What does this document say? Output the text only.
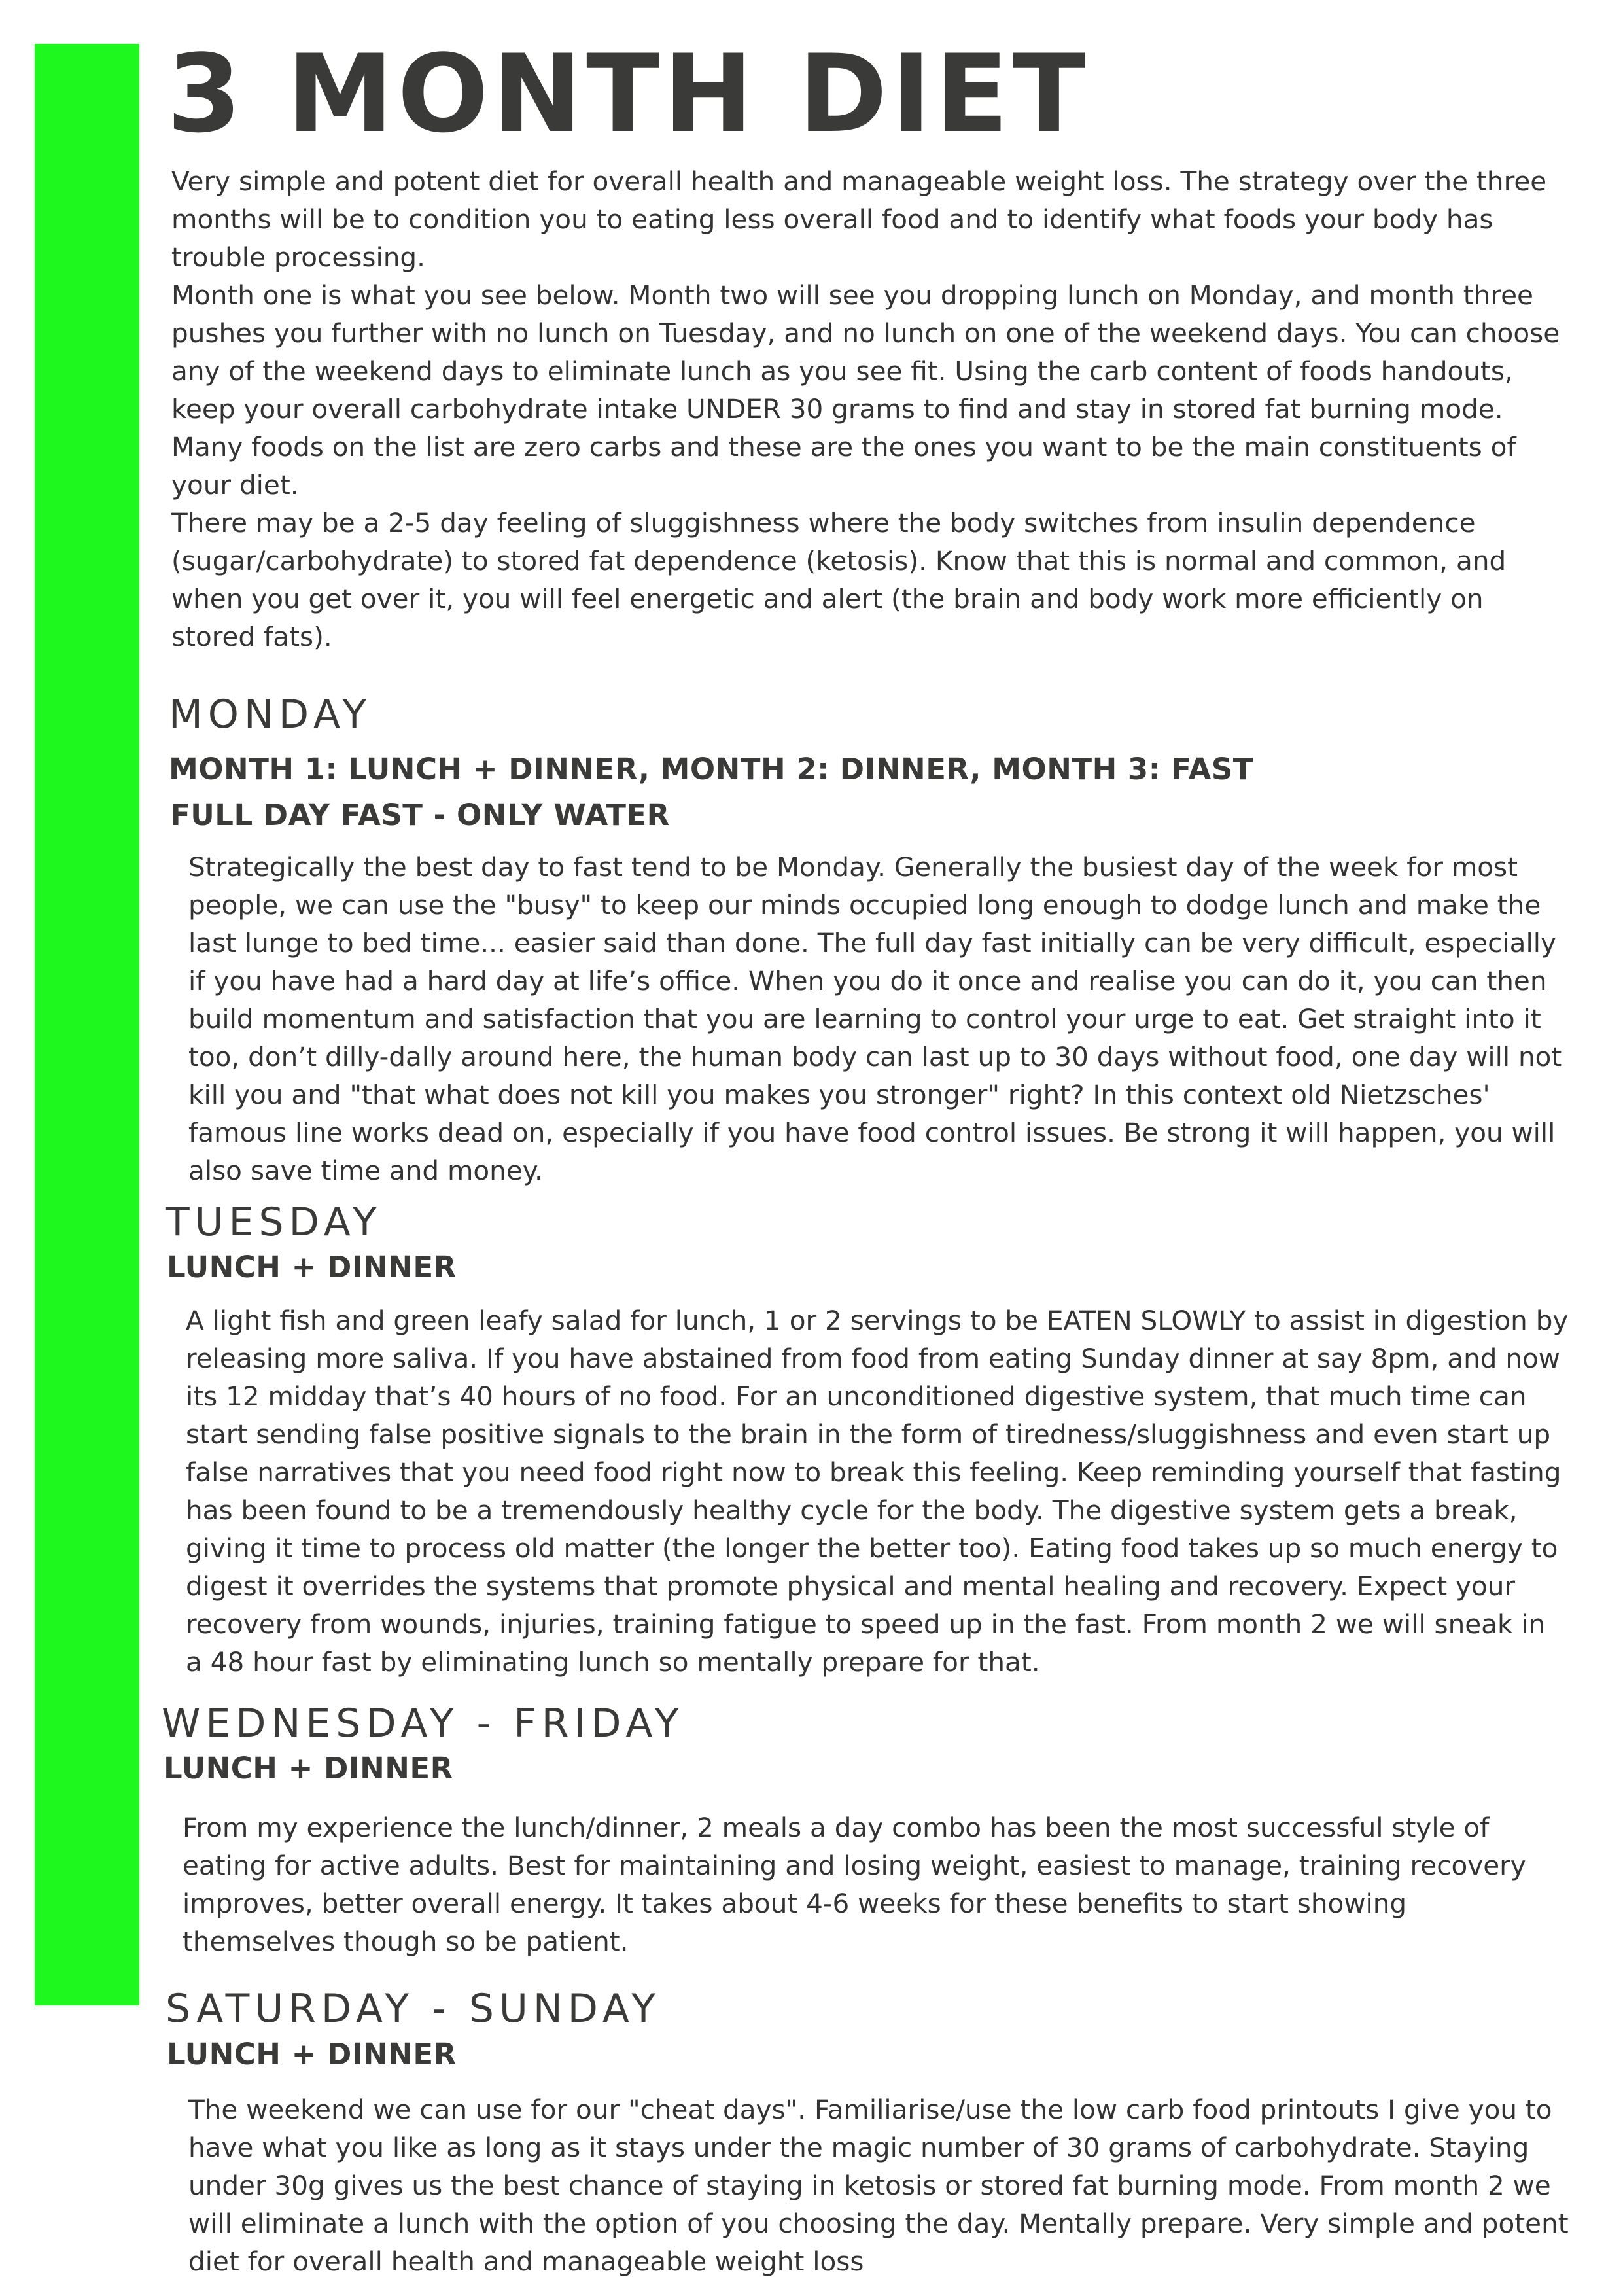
3 MONTH DIET

Very simple and potent diet for overall health and manageable weight loss. The strategy over the three months will be to condition you to eating less overall food and to identify what foods your body has trouble processing.

Month one is what you see below. Month two will see you dropping lunch on Monday, and month three pushes you further with no lunch on Tuesday, and no lunch on one of the weekend days. You can choose any of the weekend days to eliminate lunch as you see fit. Using the carb content of foods handouts, keep your overall carbohydrate intake UNDER 30 grams to find and stay in stored fat burning mode. Many foods on the list are zero carbs and these are the ones you want to be the main constituents of your diet.

There may be a 2-5 day feeling of sluggishness where the body switches from insulin dependence (sugar/carbohydrate) to stored fat dependence (ketosis). Know that this is normal and common, and when you get over it, you will feel energetic and alert (the brain and body work more efficiently on stored fats).

MONDAY
MONTH 1: LUNCH + DINNER, MONTH 2: DINNER, MONTH 3: FAST
FULL DAY FAST - ONLY WATER

Strategically the best day to fast tend to be Monday. Generally the busiest day of the week for most people, we can use the "busy" to keep our minds occupied long enough to dodge lunch and make the last lunge to bed time... easier said than done. The full day fast initially can be very difficult, especially if you have had a hard day at life’s office. When you do it once and realise you can do it, you can then build momentum and satisfaction that you are learning to control your urge to eat. Get straight into it too, don’t dilly-dally around here, the human body can last up to 30 days without food, one day will not kill you and "that what does not kill you makes you stronger" right? In this context old Nietzsches' famous line works dead on, especially if you have food control issues. Be strong it will happen, you will also save time and money.

TUESDAY
LUNCH + DINNER

A light fish and green leafy salad for lunch, 1 or 2 servings to be EATEN SLOWLY to assist in digestion by releasing more saliva. If you have abstained from food from eating Sunday dinner at say 8pm, and now its 12 midday that’s 40 hours of no food. For an unconditioned digestive system, that much time can start sending false positive signals to the brain in the form of tiredness/sluggishness and even start up false narratives that you need food right now to break this feeling. Keep reminding yourself that fasting has been found to be a tremendously healthy cycle for the body. The digestive system gets a break, giving it time to process old matter (the longer the better too). Eating food takes up so much energy to digest it overrides the systems that promote physical and mental healing and recovery. Expect your recovery from wounds, injuries, training fatigue to speed up in the fast. From month 2 we will sneak in a 48 hour fast by eliminating lunch so mentally prepare for that.

WEDNESDAY - FRIDAY
LUNCH + DINNER

From my experience the lunch/dinner, 2 meals a day combo has been the most successful style of eating for active adults. Best for maintaining and losing weight, easiest to manage, training recovery improves, better overall energy. It takes about 4-6 weeks for these benefits to start showing themselves though so be patient.

SATURDAY - SUNDAY
LUNCH + DINNER

The weekend we can use for our "cheat days". Familiarise/use the low carb food printouts I give you to have what you like as long as it stays under the magic number of 30 grams of carbohydrate. Staying under 30g gives us the best chance of staying in ketosis or stored fat burning mode. From month 2 we will eliminate a lunch with the option of you choosing the day. Mentally prepare. Very simple and potent diet for overall health and manageable weight loss
